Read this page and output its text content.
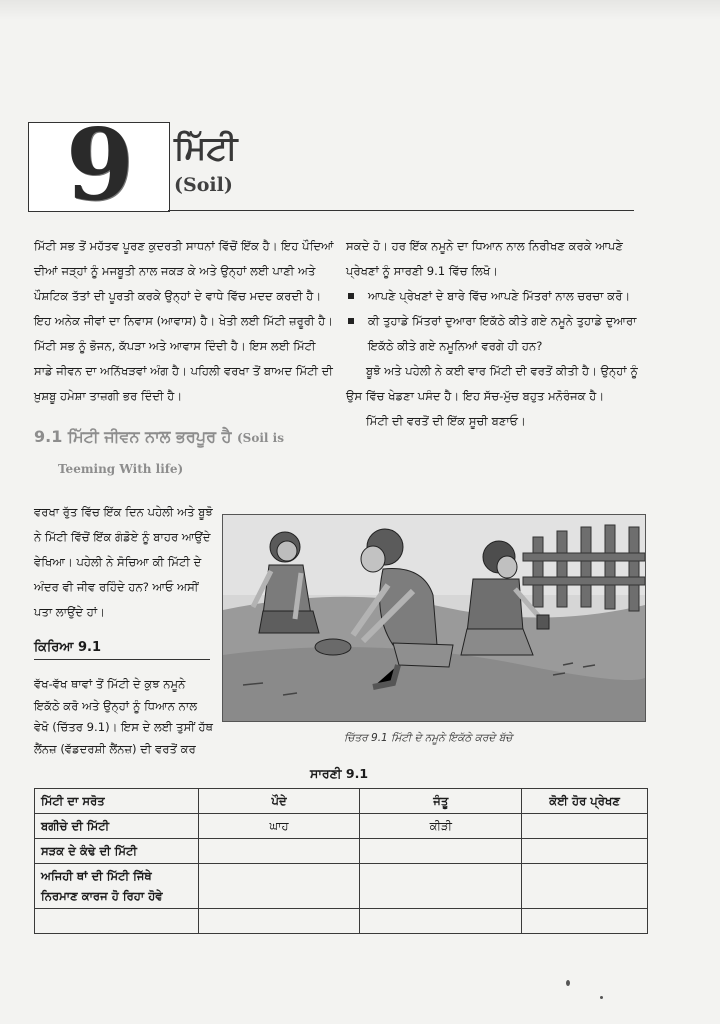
9	ਮਿੱਟੀ
(Soil)

ਮਿੱਟੀ ਸਭ ਤੋਂ ਮਹੱਤਵ ਪੂਰਣ ਕੁਦਰਤੀ ਸਾਧਨਾਂ ਵਿੱਚੋਂ ਇੱਕ ਹੈ। ਇਹ ਪੌਦਿਆਂ ਦੀਆਂ ਜੜ੍ਹਾਂ ਨੂੰ ਮਜਬੂਤੀ ਨਾਲ ਜਕੜ ਕੇ ਅਤੇ ਉਨ੍ਹਾਂ ਲਈ ਪਾਣੀ ਅਤੇ ਪੌਸ਼ਟਿਕ ਤੱਤਾਂ ਦੀ ਪੂਰਤੀ ਕਰਕੇ ਉਨ੍ਹਾਂ ਦੇ ਵਾਧੇ ਵਿੱਚ ਮਦਦ ਕਰਦੀ ਹੈ। ਇਹ ਅਨੇਕ ਜੀਵਾਂ ਦਾ ਨਿਵਾਸ (ਆਵਾਸ) ਹੈ। ਖੇਤੀ ਲਈ ਮਿੱਟੀ ਜ਼ਰੂਰੀ ਹੈ। ਮਿੱਟੀ ਸਭ ਨੂੰ ਭੋਜਨ, ਕੱਪੜਾ ਅਤੇ ਆਵਾਸ ਦਿੰਦੀ ਹੈ। ਇਸ ਲਈ ਮਿੱਟੀ ਸਾਡੇ ਜੀਵਨ ਦਾ ਅਨਿੱਖੜਵਾਂ ਅੰਗ ਹੈ। ਪਹਿਲੀ ਵਰਖਾ ਤੋਂ ਬਾਅਦ ਮਿੱਟੀ ਦੀ ਖ਼ੁਸ਼ਬੂ ਹਮੇਸ਼ਾ ਤਾਜ਼ਗੀ ਭਰ ਦਿੰਦੀ ਹੈ।

9.1 ਮਿੱਟੀ ਜੀਵਨ ਨਾਲ ਭਰਪੂਰ ਹੈ (Soil is
Teeming With life)
ਵਰਖਾ ਰੁੱਤ ਵਿੱਚ ਇੱਕ ਦਿਨ ਪਹੇਲੀ ਅਤੇ ਬੂਝੋ ਨੇ ਮਿੱਟੀ ਵਿੱਚੋਂ ਇੱਕ ਗੰਡੋਏ ਨੂੰ ਬਾਹਰ ਆਉਂਦੇ ਵੇਖਿਆ। ਪਹੇਲੀ ਨੇ ਸੋਚਿਆ ਕੀ ਮਿੱਟੀ ਦੇ ਅੰਦਰ ਵੀ ਜੀਵ ਰਹਿੰਦੇ ਹਨ? ਆਓ ਅਸੀਂ ਪਤਾ ਲਾਉਂਦੇ ਹਾਂ।
ਕਿਰਿਆ 9.1
ਵੱਖ-ਵੱਖ ਥਾਵਾਂ ਤੋਂ ਮਿੱਟੀ ਦੇ ਕੁਝ ਨਮੂਨੇ ਇਕੱਠੇ ਕਰੋ ਅਤੇ ਉਨ੍ਹਾਂ ਨੂੰ ਧਿਆਨ ਨਾਲ ਵੇਖੋ (ਚਿੱਤਰ 9.1)। ਇਸ ਦੇ ਲਈ ਤੁਸੀਂ ਹੱਥ ਲੈਂਨਜ਼ (ਵੱਡਦਰਸ਼ੀ ਲੈਂਨਜ਼) ਦੀ ਵਰਤੋਂ ਕਰ

ਸਕਦੇ ਹੋ। ਹਰ ਇੱਕ ਨਮੂਨੇ ਦਾ ਧਿਆਨ ਨਾਲ ਨਿਰੀਖਣ ਕਰਕੇ ਆਪਣੇ ਪ੍ਰੇਖਣਾਂ ਨੂੰ ਸਾਰਣੀ 9.1 ਵਿੱਚ ਲਿਖੋ।

ਆਪਣੇ ਪ੍ਰੇਖਣਾਂ ਦੇ ਬਾਰੇ ਵਿੱਚ ਆਪਣੇ ਮਿੱਤਰਾਂ ਨਾਲ ਚਰਚਾ ਕਰੋ।
ਕੀ ਤੁਹਾਡੇ ਮਿੱਤਰਾਂ ਦੁਆਰਾ ਇਕੱਠੇ ਕੀਤੇ ਗਏ ਨਮੂਨੇ ਤੁਹਾਡੇ ਦੁਆਰਾ ਇਕੱਠੇ ਕੀਤੇ ਗਏ ਨਮੂਨਿਆਂ ਵਰਗੇ ਹੀ ਹਨ?

ਬੂਝੋ ਅਤੇ ਪਹੇਲੀ ਨੇ ਕਈ ਵਾਰ ਮਿੱਟੀ ਦੀ ਵਰਤੋਂ ਕੀਤੀ ਹੈ। ਉਨ੍ਹਾਂ ਨੂੰ ਉਸ ਵਿੱਚ ਖੇਡਣਾ ਪਸੰਦ ਹੈ। ਇਹ ਸੱਚ-ਮੁੱਚ ਬਹੁਤ ਮਨੋਰੰਜਕ ਹੈ।

ਮਿੱਟੀ ਦੀ ਵਰਤੋਂ ਦੀ ਇੱਕ ਸੂਚੀ ਬਣਾਓ।

ਚਿੱਤਰ 9.1 ਮਿੱਟੀ ਦੇ ਨਮੂਨੇ ਇਕੱਠੇ ਕਰਦੇ ਬੱਚੇ
ਸਾਰਣੀ 9.1
ਮਿੱਟੀ ਦਾ ਸਰੋਤ	ਪੌਦੇ	ਜੰਤੂ	ਕੋਈ ਹੋਰ ਪ੍ਰੇਖਣ
ਬਗੀਚੇ ਦੀ ਮਿੱਟੀ	ਘਾਹ	ਕੀੜੀ	
ਸੜਕ ਦੇ ਕੰਢੇ ਦੀ ਮਿੱਟੀ			
ਅਜਿਹੀ ਥਾਂ ਦੀ ਮਿੱਟੀ ਜਿੱਥੇ ਨਿਰਮਾਣ ਕਾਰਜ ਹੋ ਰਿਹਾ ਹੋਵੇ			
